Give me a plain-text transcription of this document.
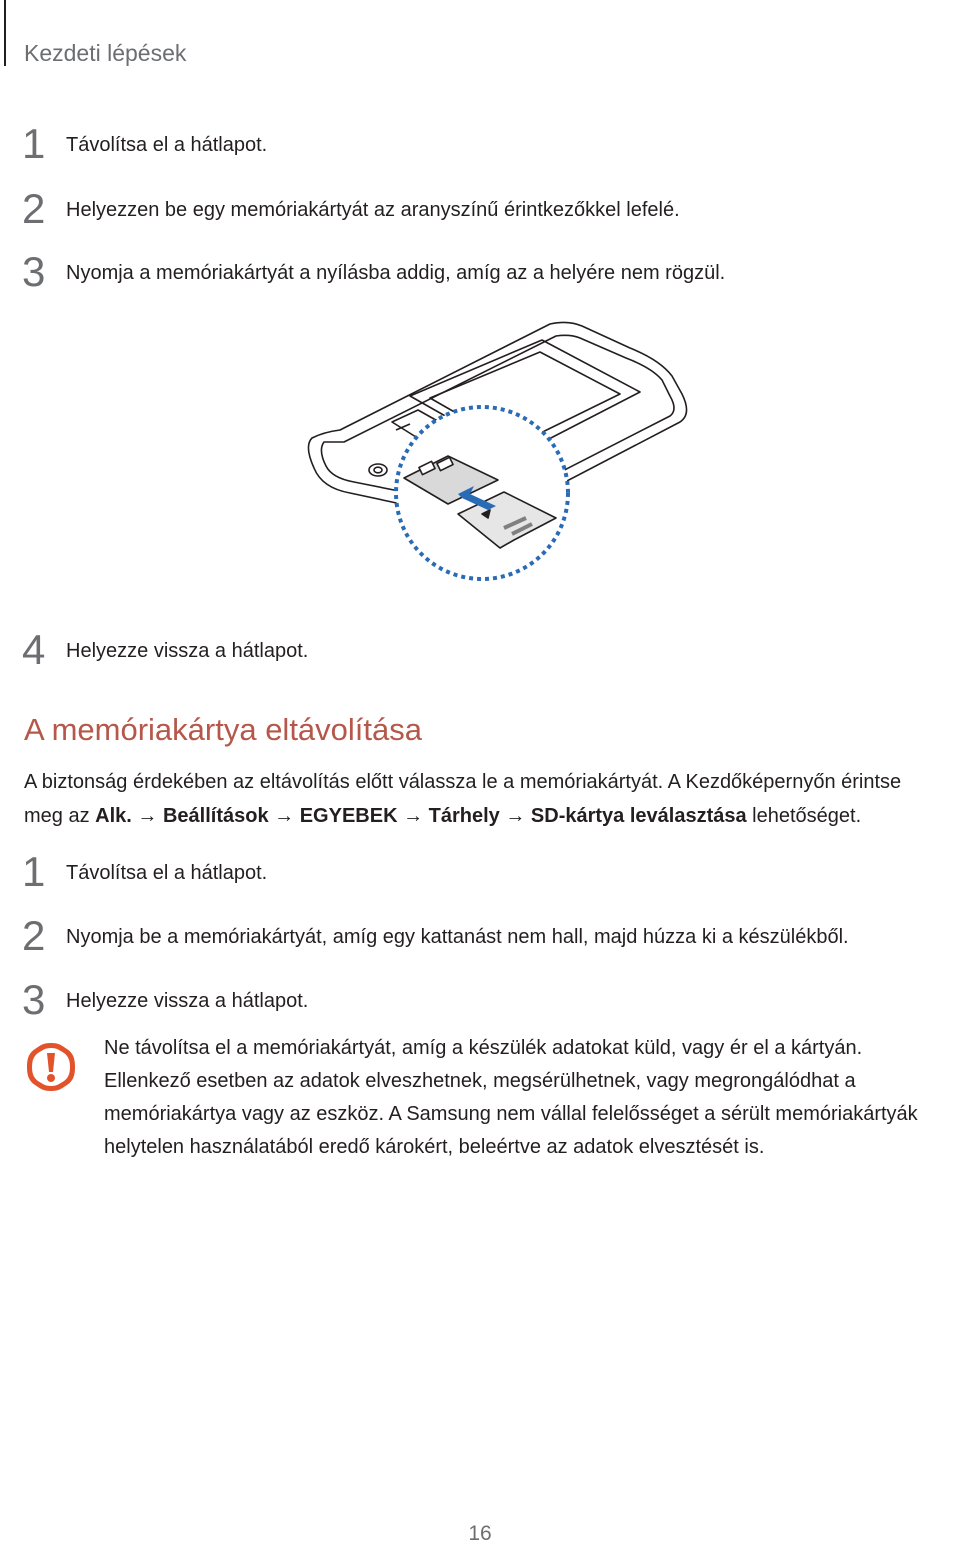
Kezdeti lépések
1 Távolítsa el a hátlapot.
2 Helyezzen be egy memóriakártyát az aranyszínű érintkezőkkel lefelé.
3 Nyomja a memóriakártyát a nyílásba addig, amíg az a helyére nem rögzül.
4 Helyezze vissza a hátlapot.
A memóriakártya eltávolítása
A biztonság érdekében az eltávolítás előtt válassza le a memóriakártyát. A Kezdőképernyőn érintse
meg az Alk. → Beállítások → EGYEBEK → Tárhely → SD-kártya leválasztása lehetőséget.
1 Távolítsa el a hátlapot.
2 Nyomja be a memóriakártyát, amíg egy kattanást nem hall, majd húzza ki a készülékből.
3 Helyezze vissza a hátlapot.
Ne távolítsa el a memóriakártyát, amíg a készülék adatokat küld, vagy ér el a kártyán.
Ellenkező esetben az adatok elveszhetnek, megsérülhetnek, vagy megrongálódhat a
memóriakártya vagy az eszköz. A Samsung nem vállal felelősséget a sérült memóriakártyák
helytelen használatából eredő károkért, beleértve az adatok elvesztését is.
16
